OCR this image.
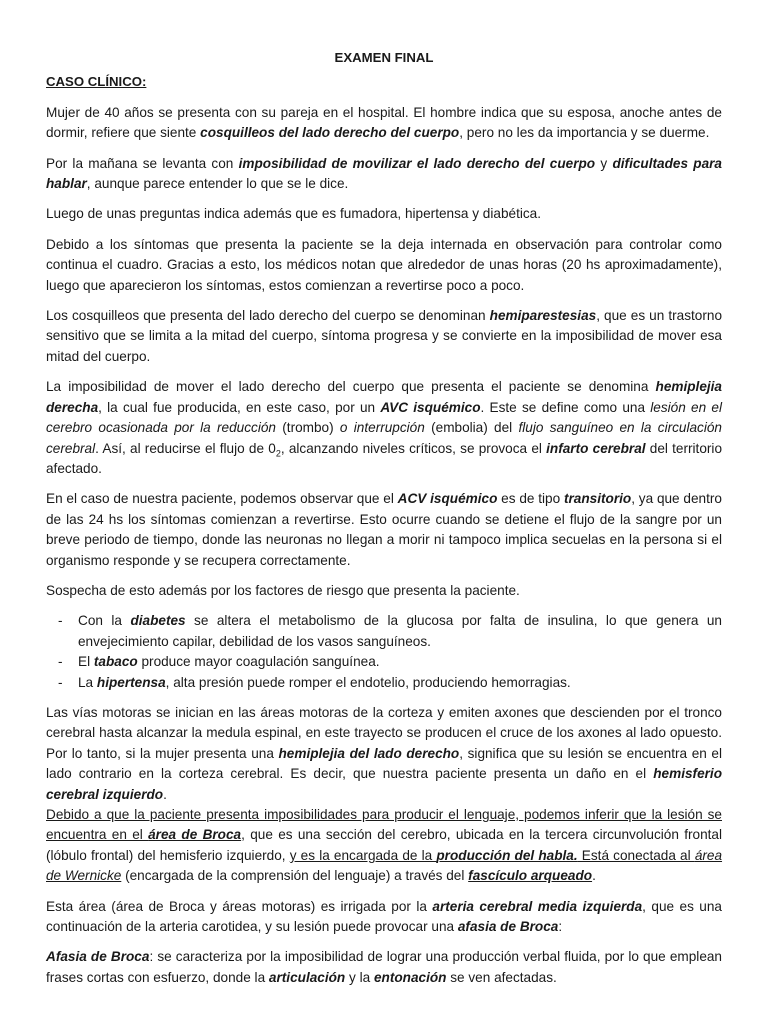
EXAMEN FINAL
CASO CLÍNICO:

Mujer de 40 años se presenta con su pareja en el hospital. El hombre indica que su esposa, anoche antes de dormir, refiere que siente cosquilleos del lado derecho del cuerpo, pero no les da importancia y se duerme.

Por la mañana se levanta con imposibilidad de movilizar el lado derecho del cuerpo y dificultades para hablar, aunque parece entender lo que se le dice.

Luego de unas preguntas indica además que es fumadora, hipertensa y diabética.

Debido a los síntomas que presenta la paciente se la deja internada en observación para controlar como continua el cuadro. Gracias a esto, los médicos notan que alrededor de unas horas (20 hs aproximadamente), luego que aparecieron los síntomas, estos comienzan a revertirse poco a poco.

Los cosquilleos que presenta del lado derecho del cuerpo se denominan hemiparestesias, que es un trastorno sensitivo que se limita a la mitad del cuerpo, síntoma progresa y se convierte en la imposibilidad de mover esa mitad del cuerpo.

La imposibilidad de mover el lado derecho del cuerpo que presenta el paciente se denomina hemiplejia derecha, la cual fue producida, en este caso, por un AVC isquémico. Este se define como una lesión en el cerebro ocasionada por la reducción (trombo) o interrupción (embolia) del flujo sanguíneo en la circulación cerebral. Así, al reducirse el flujo de $0_2$, alcanzando niveles críticos, se provoca el infarto cerebral del territorio afectado.

En el caso de nuestra paciente, podemos observar que el ACV isquémico es de tipo transitorio, ya que dentro de las 24 hs los síntomas comienzan a revertirse. Esto ocurre cuando se detiene el flujo de la sangre por un breve periodo de tiempo, donde las neuronas no llegan a morir ni tampoco implica secuelas en la persona si el organismo responde y se recupera correctamente.

Sospecha de esto además por los factores de riesgo que presenta la paciente.

- Con la diabetes se altera el metabolismo de la glucosa por falta de insulina, lo que genera un envejecimiento capilar, debilidad de los vasos sanguíneos.
- El tabaco produce mayor coagulación sanguínea.
- La hipertensa, alta presión puede romper el endotelio, produciendo hemorragias.

Las vías motoras se inician en las áreas motoras de la corteza y emiten axones que descienden por el tronco cerebral hasta alcanzar la medula espinal, en este trayecto se producen el cruce de los axones al lado opuesto. Por lo tanto, si la mujer presenta una hemiplejia del lado derecho, significa que su lesión se encuentra en el lado contrario en la corteza cerebral. Es decir, que nuestra paciente presenta un daño en el hemisferio cerebral izquierdo.

Debido a que la paciente presenta imposibilidades para producir el lenguaje, podemos inferir que la lesión se encuentra en el área de Broca, que es una sección del cerebro, ubicada en la tercera circunvolución frontal (lóbulo frontal) del hemisferio izquierdo, y es la encargada de la producción del habla. Está conectada al área de Wernicke (encargada de la comprensión del lenguaje) a través del fascículo arqueado.

Esta área (área de Broca y áreas motoras) es irrigada por la arteria cerebral media izquierda, que es una continuación de la arteria carotidea, y su lesión puede provocar una afasia de Broca:

Afasia de Broca: se caracteriza por la imposibilidad de lograr una producción verbal fluida, por lo que emplean frases cortas con esfuerzo, donde la articulación y la entonación se ven afectadas.
